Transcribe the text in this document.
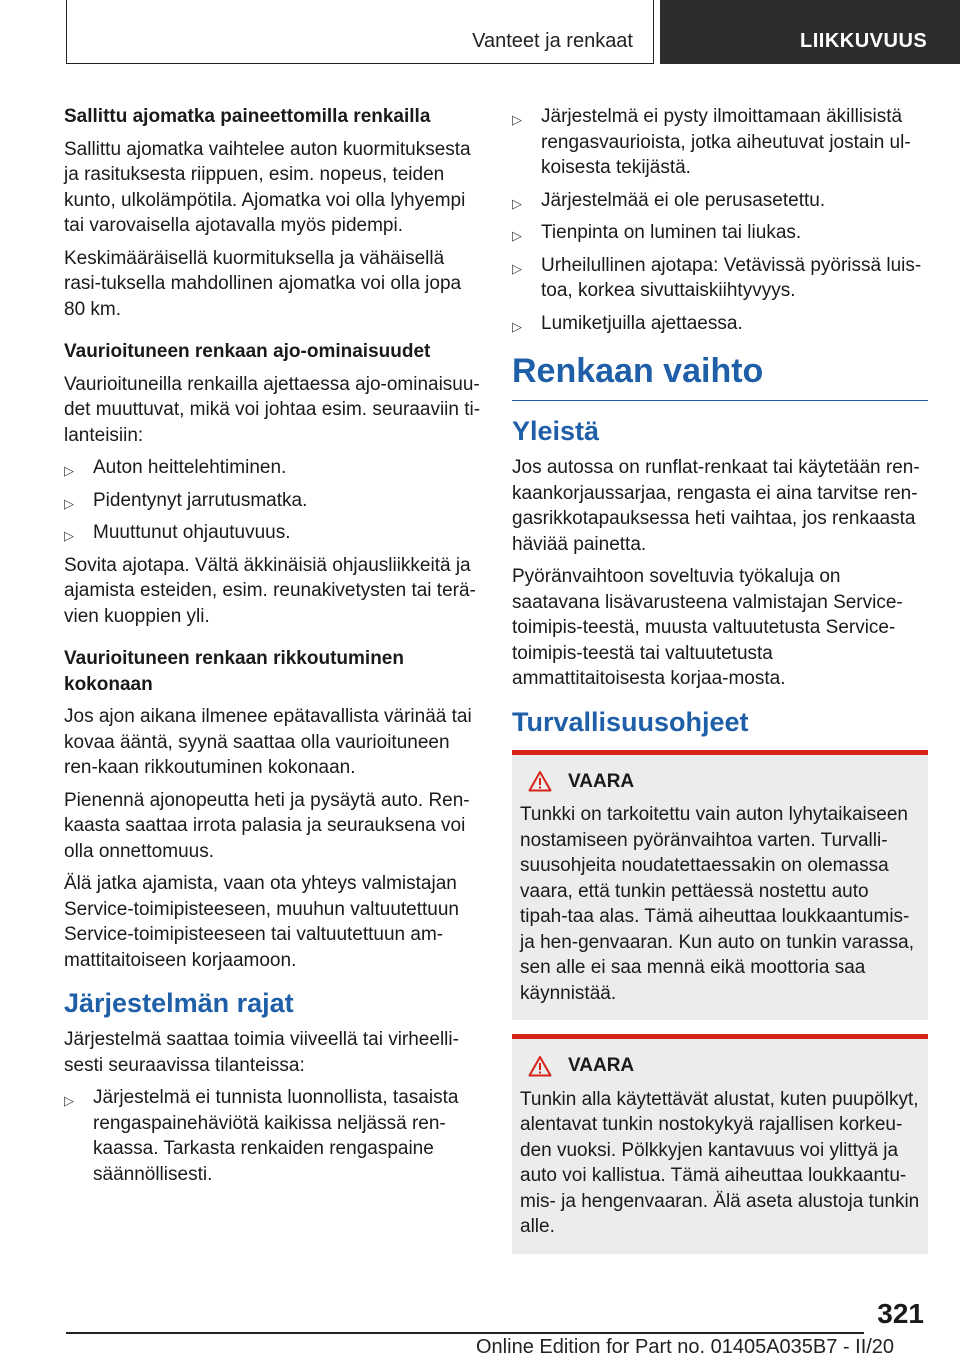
Vanteet ja renkaat	LIIKKUVUUS

Sallittu ajomatka paineettomilla renkailla

Sallittu ajomatka vaihtelee auton kuormituksesta ja rasituksesta riippuen, esim. nopeus, teiden kunto, ulkolämpötila. Ajomatka voi olla lyhyempi tai varovaisella ajotavalla myös pidempi.

Keskimääräisellä kuormituksella ja vähäisellä rasi-tuksella mahdollinen ajomatka voi olla jopa 80 km.

Vaurioituneen renkaan ajo-ominaisuudet

Vaurioituneilla renkailla ajettaessa ajo-ominaisuu-det muuttuvat, mikä voi johtaa esim. seuraaviin ti-lanteisiin:

▷ Auton heittelehtiminen.
▷ Pidentynyt jarrutusmatka.
▷ Muuttunut ohjautuvuus.

Sovita ajotapa. Vältä äkkinäisiä ohjausliikkeitä ja ajamista esteiden, esim. reunakivetysten tai terä-vien kuoppien yli.

Vaurioituneen renkaan rikkoutuminen kokonaan

Jos ajon aikana ilmenee epätavallista värinää tai kovaa ääntä, syynä saattaa olla vaurioituneen ren-kaan rikkoutuminen kokonaan.

Pienennä ajonopeutta heti ja pysäytä auto. Ren-kaasta saattaa irrota palasia ja seurauksena voi olla onnettomuus.

Älä jatka ajamista, vaan ota yhteys valmistajan Service-toimipisteeseen, muuhun valtuutettuun Service-toimipisteeseen tai valtuutettuun am-mattitaitoiseen korjaamoon.

Järjestelmän rajat

Järjestelmä saattaa toimia viiveellä tai virheelli-sesti seuraavissa tilanteissa:

▷ Järjestelmä ei tunnista luonnollista, tasaista rengaspainehäviötä kaikissa neljässä ren-kaassa. Tarkasta renkaiden rengaspaine säännöllisesti.
▷ Järjestelmä ei pysty ilmoittamaan äkillisistä rengasvaurioista, jotka aiheutuvat jostain ul-koisesta tekijästä.
▷ Järjestelmää ei ole perusasetettu.
▷ Tienpinta on luminen tai liukas.
▷ Urheilullinen ajotapa: Vetävissä pyörissä luis-toa, korkea sivuttaiskiihtyvyys.
▷ Lumiketjuilla ajettaessa.
Renkaan vaihto
Yleistä

Jos autossa on runflat-renkaat tai käytetään ren-kaankorjaussarjaa, rengasta ei aina tarvitse ren-gasrikkotapauksessa heti vaihtaa, jos renkaasta häviää painetta.

Pyöränvaihtoon soveltuvia työkaluja on saatavana lisävarusteena valmistajan Service-toimipis-teestä, muusta valtuutetusta Service-toimipis-teestä tai valtuutetusta ammattitaitoisesta korjaa-mosta.

Turvallisuusohjeet
VAARA

Tunkki on tarkoitettu vain auton lyhytaikaiseen nostamiseen pyöränvaihtoa varten. Turvalli-suusohjeita noudatettaessakin on olemassa vaara, että tunkin pettäessä nostettu auto tipah-taa alas. Tämä aiheuttaa loukkaantumis- ja hen-genvaaran. Kun auto on tunkin varassa, sen alle ei saa mennä eikä moottoria saa käynnistää.

VAARA

Tunkin alla käytettävät alustat, kuten puupölkyt, alentavat tunkin nostokykyä rajallisen korkeu-den vuoksi. Pölkkyjen kantavuus voi ylittyä ja auto voi kallistua. Tämä aiheuttaa loukkaantu-mis- ja hengenvaaran. Älä aseta alustoja tunkin alle.

321
Online Edition for Part no. 01405A035B7 - II/20
